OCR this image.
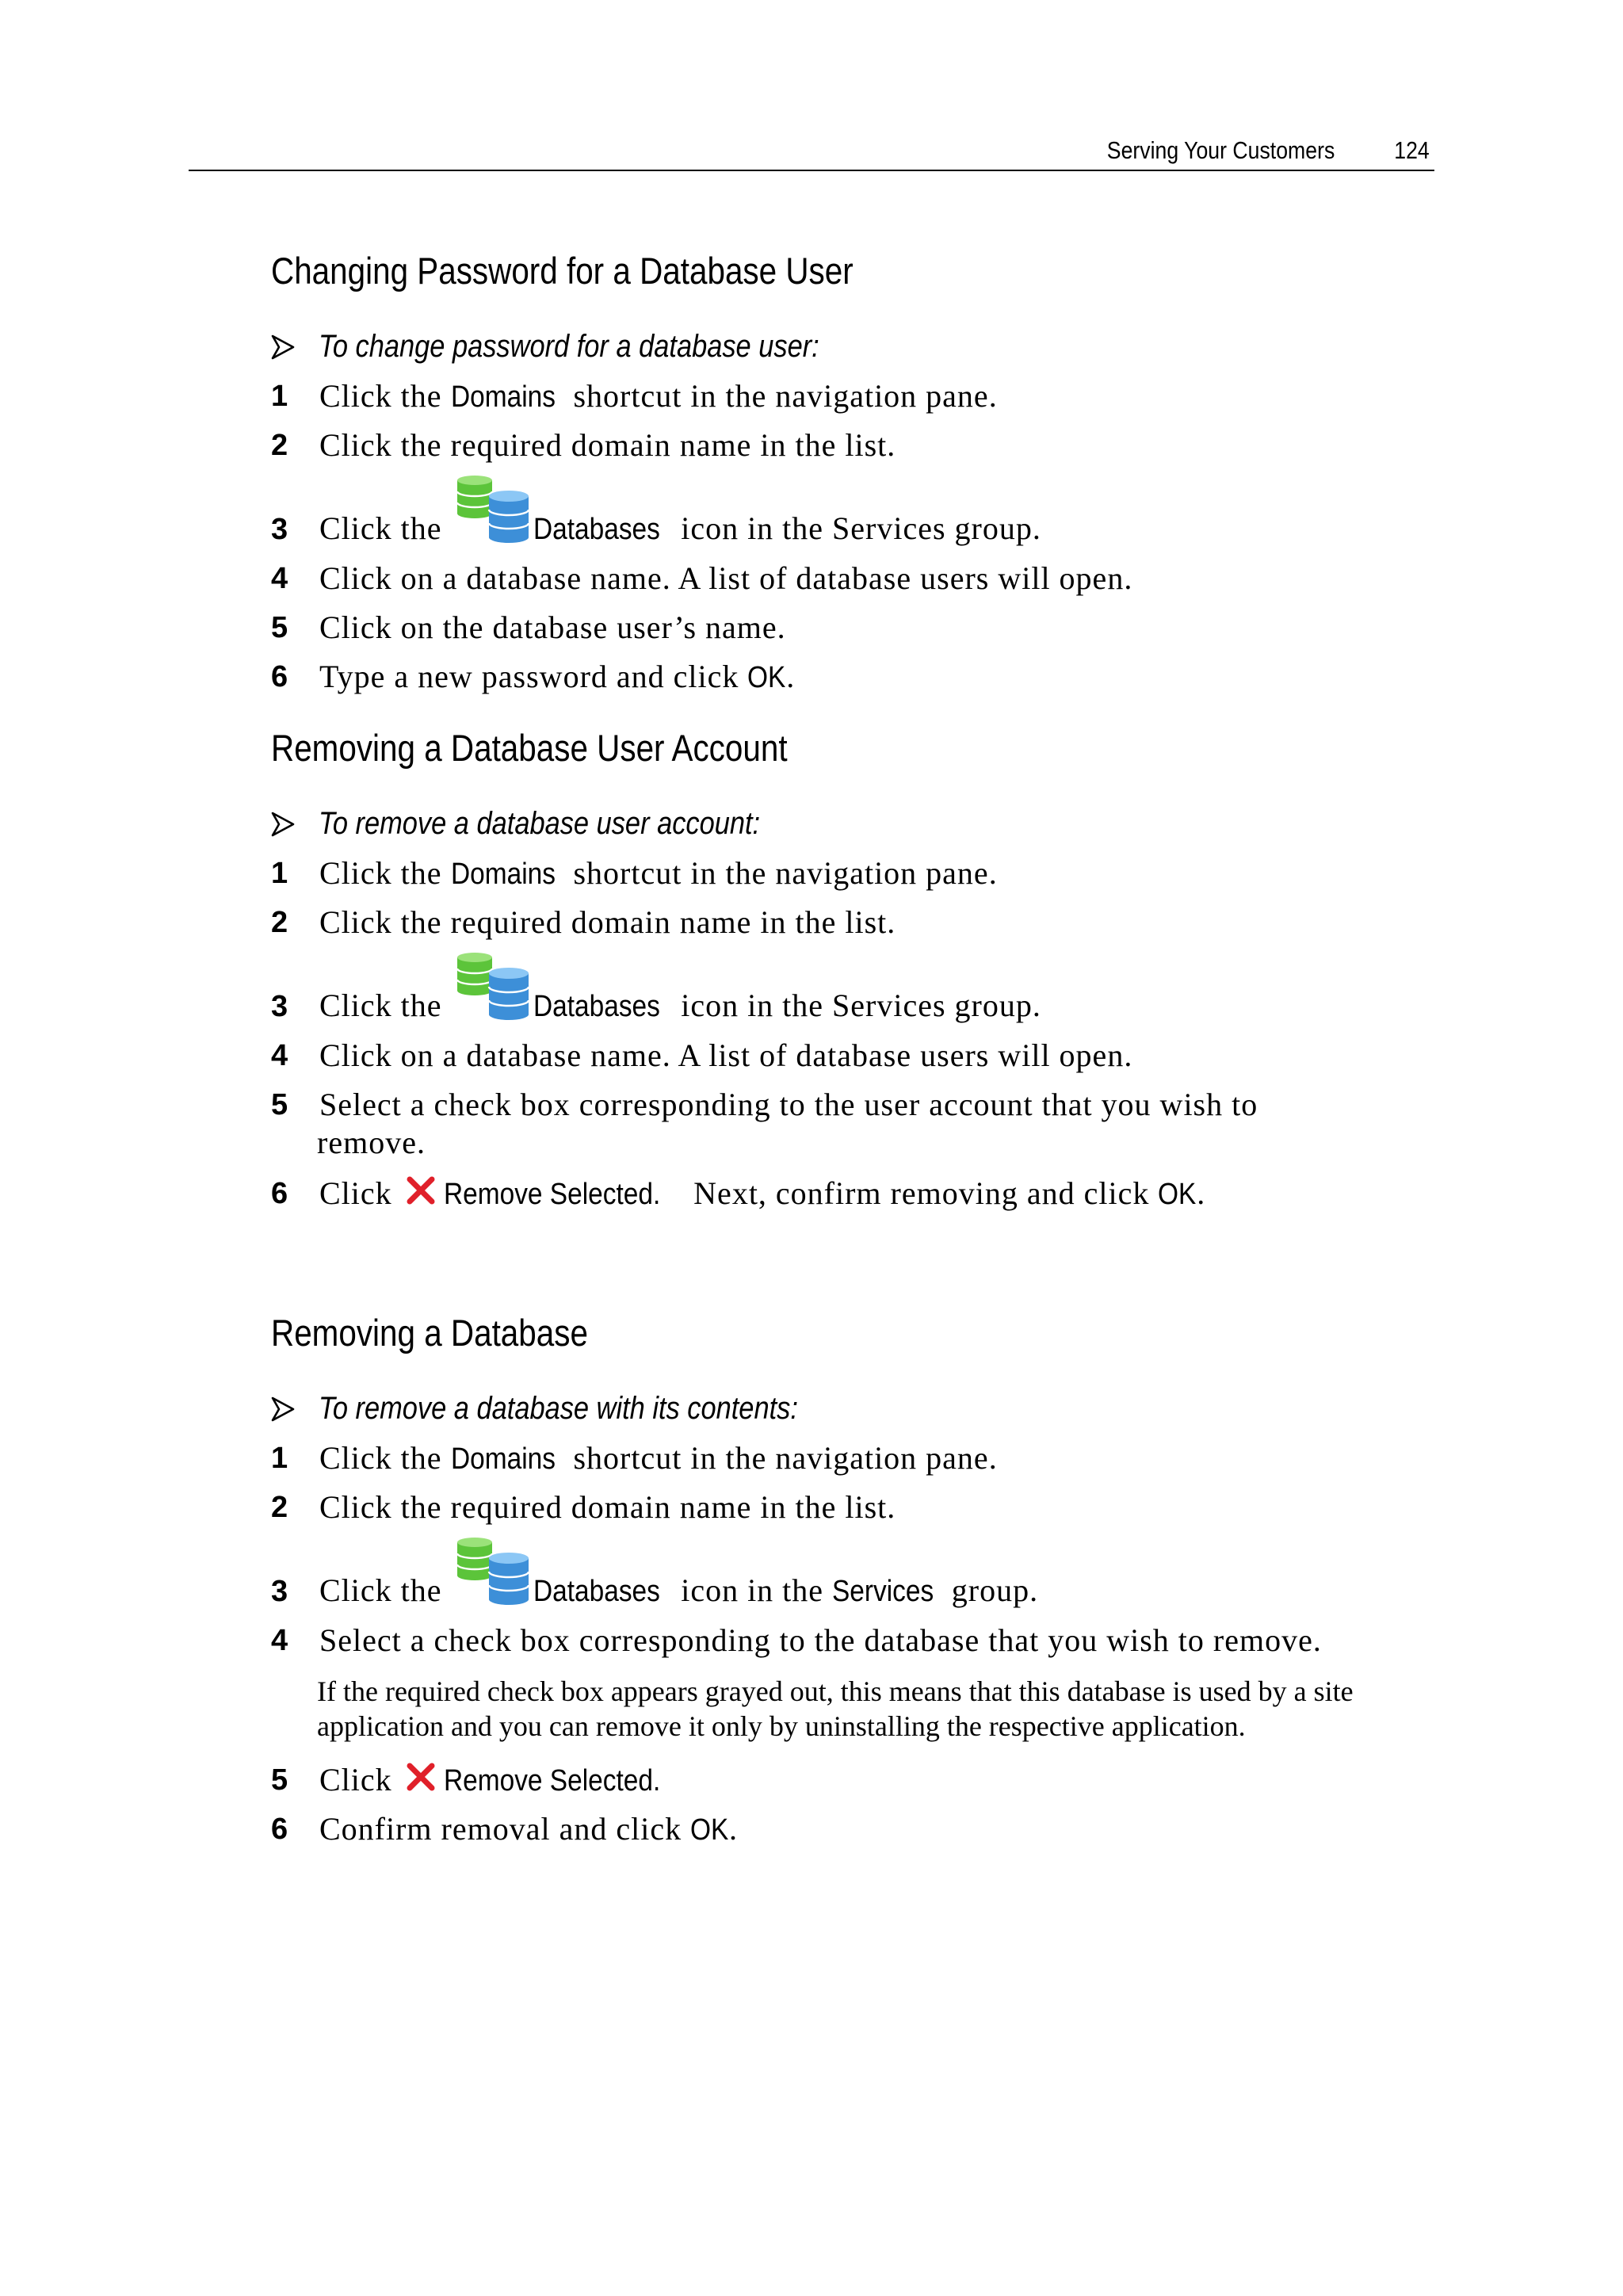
Serving Your Customers 124
Changing Password for a Database User
To change password for a database user:
1 Click the Domains shortcut in the navigation pane.
2 Click the required domain name in the list.
3 Click the	Databases icon in the Services group.
4 Click on a database name. A list of database users will open.
5 Click on the database user’s name.
6 Type a new password and click OK.
Removing a Database User Account
To remove a database user account:
1 Click the Domains shortcut in the navigation pane.
2 Click the required domain name in the list.
3 Click the	Databases icon in the Services group.
4 Click on a database name. A list of database users will open.
5 Select a check box corresponding to the user account that you wish to
remove.
6 Click Remove Selected. Next, confirm removing and click OK.
Removing a Database
To remove a database with its contents:
1 Click the Domains shortcut in the navigation pane.
2 Click the required domain name in the list.
3 Click the	Databases icon in the Services group.
4 Select a check box corresponding to the database that you wish to remove.
If the required check box appears grayed out, this means that this database is used by a site application and you can remove it only by uninstalling the respective application.
5 Click Remove Selected.
6 Confirm removal and click OK.
